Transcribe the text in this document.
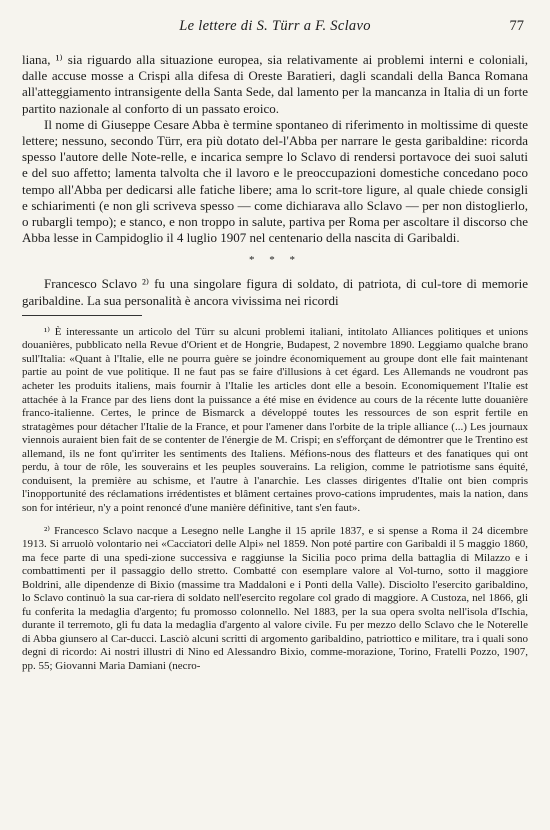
Le lettere di S. Türr a F. Sclavo	77

liana, ¹⁾ sia riguardo alla situazione europea, sia relativamente ai problemi interni e coloniali, dalle accuse mosse a Crispi alla difesa di Oreste Baratieri, dagli scandali della Banca Romana all'atteggiamento intransigente della Santa Sede, dal lamento per la mancanza in Italia di un forte partito nazionale al conforto di un passato eroico.

Il nome di Giuseppe Cesare Abba è termine spontaneo di riferimento in moltissime di queste lettere; nessuno, secondo Türr, era più dotato del-l'Abba per narrare le gesta garibaldine: ricorda spesso l'autore delle Note-relle, e incarica sempre lo Sclavo di rendersi portavoce dei suoi saluti e del suo affetto; lamenta talvolta che il lavoro e le preoccupazioni domestiche concedano poco tempo all'Abba per dedicarsi alle fatiche libere; ama lo scrit-tore ligure, al quale chiede consigli e schiarimenti (e non gli scriveva spesso — come dichiarava allo Sclavo — per non distoglierlo, o rubargli tempo); e stanco, e non troppo in salute, partiva per Roma per ascoltare il discorso che Abba lesse in Campidoglio il 4 luglio 1907 nel centenario della nascita di Garibaldi.

* * *

Francesco Sclavo ²⁾ fu una singolare figura di soldato, di patriota, di cul-tore di memorie garibaldine. La sua personalità è ancora vivissima nei ricordi

¹⁾ È interessante un articolo del Türr su alcuni problemi italiani, intitolato Alliances politiques et unions douanières, pubblicato nella Revue d'Orient et de Hongrie, Budapest, 2 novembre 1890. Leggiamo qualche brano sull'Italia: «Quant à l'Italie, elle ne pourra guère se joindre économiquement au groupe dont elle fait maintenant partie au point de vue politique. Il ne faut pas se faire d'illusions à cet égard. Les Allemands ne voudront pas acheter les produits italiens, mais fournir à l'Italie les articles dont elle a besoin. Economiquement l'Italie est attachée à la France par des liens dont la puissance a été mise en évidence au cours de la récente lutte douanière franco-italienne. Certes, le prince de Bismarck a développé toutes les ressources de son esprit fertile en stratagèmes pour détacher l'Italie de la France, et pour l'amener dans l'orbite de la triple alliance (...) Les journaux viennois auraient bien fait de se contenter de l'énergie de M. Crispi; en s'efforçant de démontrer que le Trentino est allemand, ils ne font qu'irriter les sentiments des Italiens. Méfions-nous des flatteurs et des fanatiques qui ont perdu, à tour de rôle, les souverains et les peuples souverains. La religion, comme le patriotisme sans équité, conduisent, la première au schisme, et l'autre à l'anarchie. Les classes dirigentes d'Italie ont bien compris l'inopportunité des réclamations irrédentistes et blâment certaines provo-cations imprudentes, mais la nation, dans son for intérieur, n'y a point renoncé d'une manière définitive, tant s'en faut».

²⁾ Francesco Sclavo nacque a Lesegno nelle Langhe il 15 aprile 1837, e si spense a Roma il 24 dicembre 1913. Si arruolò volontario nei «Cacciatori delle Alpi» nel 1859. Non poté partire con Garibaldi il 5 maggio 1860, ma fece parte di una spedi-zione successiva e raggiunse la Sicilia poco prima della battaglia di Milazzo e i combattimenti per il passaggio dello stretto. Combatté con esemplare valore al Vol-turno, sotto il maggiore Boldrini, alle dipendenze di Bixio (massime tra Maddaloni e i Ponti della Valle). Disciolto l'esercito garibaldino, lo Sclavo continuò la sua car-riera di soldato nell'esercito regolare col grado di maggiore. A Custoza, nel 1866, gli fu conferita la medaglia d'argento; fu promosso colonnello. Nel 1883, per la sua opera svolta nell'isola d'Ischia, durante il terremoto, gli fu data la medaglia d'argento al valore civile. Fu per mezzo dello Sclavo che le Noterelle di Abba giunsero al Car-ducci. Lasciò alcuni scritti di argomento garibaldino, patriottico e militare, tra i quali sono degni di ricordo: Ai nostri illustri di Nino ed Alessandro Bixio, comme-morazione, Torino, Fratelli Pozzo, 1907, pp. 55; Giovanni Maria Damiani (necro-
